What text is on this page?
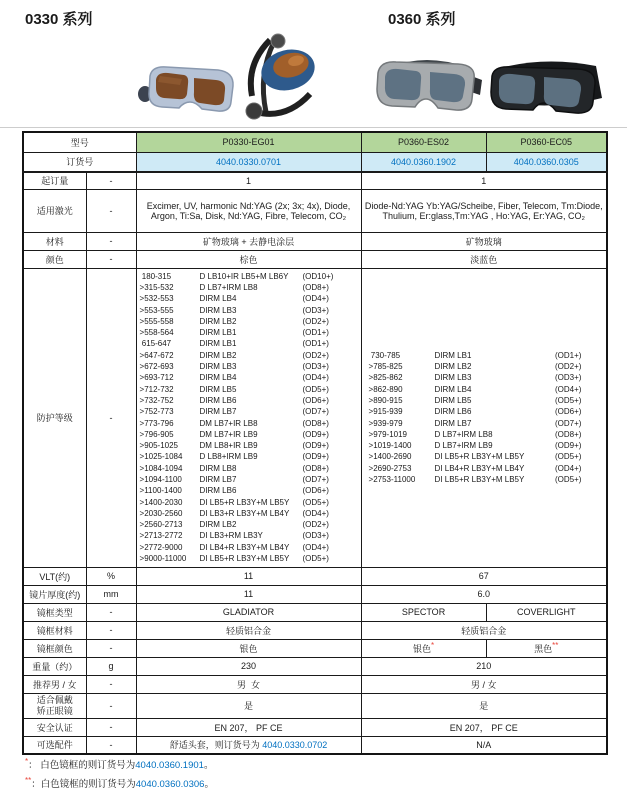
0330 系列	0360 系列
型号		P0330-EG01	P0360-ES02	P0360-EC05
订货号		4040.0330.0701	4040.0360.1902	4040.0360.0305
起订量	-	1	1	
适用激光	-	Excimer, UV, harmonic Nd:YAG (2x; 3x; 4x), Diode, Argon, Ti:Sa, Disk, Nd:YAG, Fibre, Telecom, CO₂	Diode-Nd:YAG Yb:YAG/Scheibe, Fiber, Telecom, Tm:Diode, Thulium, Er:glass,Tm:YAG , Ho:YAG, Er:YAG, CO₂	
材料	-	矿物玻璃 + 去静电涂层	矿物玻璃	
颜色	-	棕色	淡蓝色	
防护等级	-	
180-315	D LB10+IR LB5+M LB6Y	(OD10+)
>315-532	D LB7+IRM LB8	(OD8+)
>532-553	DIRM LB4	(OD4+)
>553-555	DIRM LB3	(OD3+)
>555-558	DIRM LB2	(OD2+)
>558-564	DIRM LB1	(OD1+)
615-647	DIRM LB1	(OD1+)
>647-672	DIRM LB2	(OD2+)
>672-693	DIRM LB3	(OD3+)
>693-712	DIRM LB4	(OD4+)
>712-732	DIRM LB5	(OD5+)
>732-752	DIRM LB6	(OD6+)
>752-773	DIRM LB7	(OD7+)
>773-796	DM LB7+IR LB8	(OD8+)
>796-905	DM LB7+IR LB9	(OD9+)
>905-1025	DM LB8+IR LB9	(OD9+)
>1025-1084	D LB8+IRM LB9	(OD9+)
>1084-1094	DIRM LB8	(OD8+)
>1094-1100	DIRM LB7	(OD7+)
>1100-1400	DIRM LB6	(OD6+)
>1400-2030	DI LB5+R LB3Y+M LB5Y	(OD5+)
>2030-2560	DI LB3+R LB3Y+M LB4Y	(OD4+)
>2560-2713	DIRM LB2	(OD2+)
>2713-2772	DI LB3+RM LB3Y	(OD3+)
>2772-9000	DI LB4+R LB3Y+M LB4Y	(OD4+)
>9000-11000	DI LB5+R LB3Y+M LB5Y	(OD5+)

730-785	DIRM LB1	(OD1+)
>785-825	DIRM LB2	(OD2+)
>825-862	DIRM LB3	(OD3+)
>862-890	DIRM LB4	(OD4+)
>890-915	DIRM LB5	(OD5+)
>915-939	DIRM LB6	(OD6+)
>939-979	DIRM LB7	(OD7+)
>979-1019	D LB7+IRM LB8	(OD8+)
>1019-1400	D LB7+IRM LB9	(OD9+)
>1400-2690	DI LB5+R LB3Y+M LB5Y	(OD5+)
>2690-2753	DI LB4+R LB3Y+M LB4Y	(OD4+)
>2753-11000	DI LB5+R LB3Y+M LB5Y	(OD5+)

VLT(约)	%	11	67	
镜片厚度(约)	mm	11	6.0	
镜框类型	-	GLADIATOR	SPECTOR	COVERLIGHT
镜框材料	-	轻质铝合金	轻质铝合金	
镜框颜色	-	银色	银色*	黑色**
重量（约）	g	230	210	
推荐男 / 女	-	男  女	男 / 女	
适合佩戴
矫正眼镜	-	是	是	
安全认证	-	EN 207， PF CE	EN 207， PF CE	
可选配件	-	舒适头套，则订货号为 4040.0330.0702	N/A	
*： 白色镜框的则订货号为4040.0360.1901。
**：白色镜框的则订货号为4040.0360.0306。
